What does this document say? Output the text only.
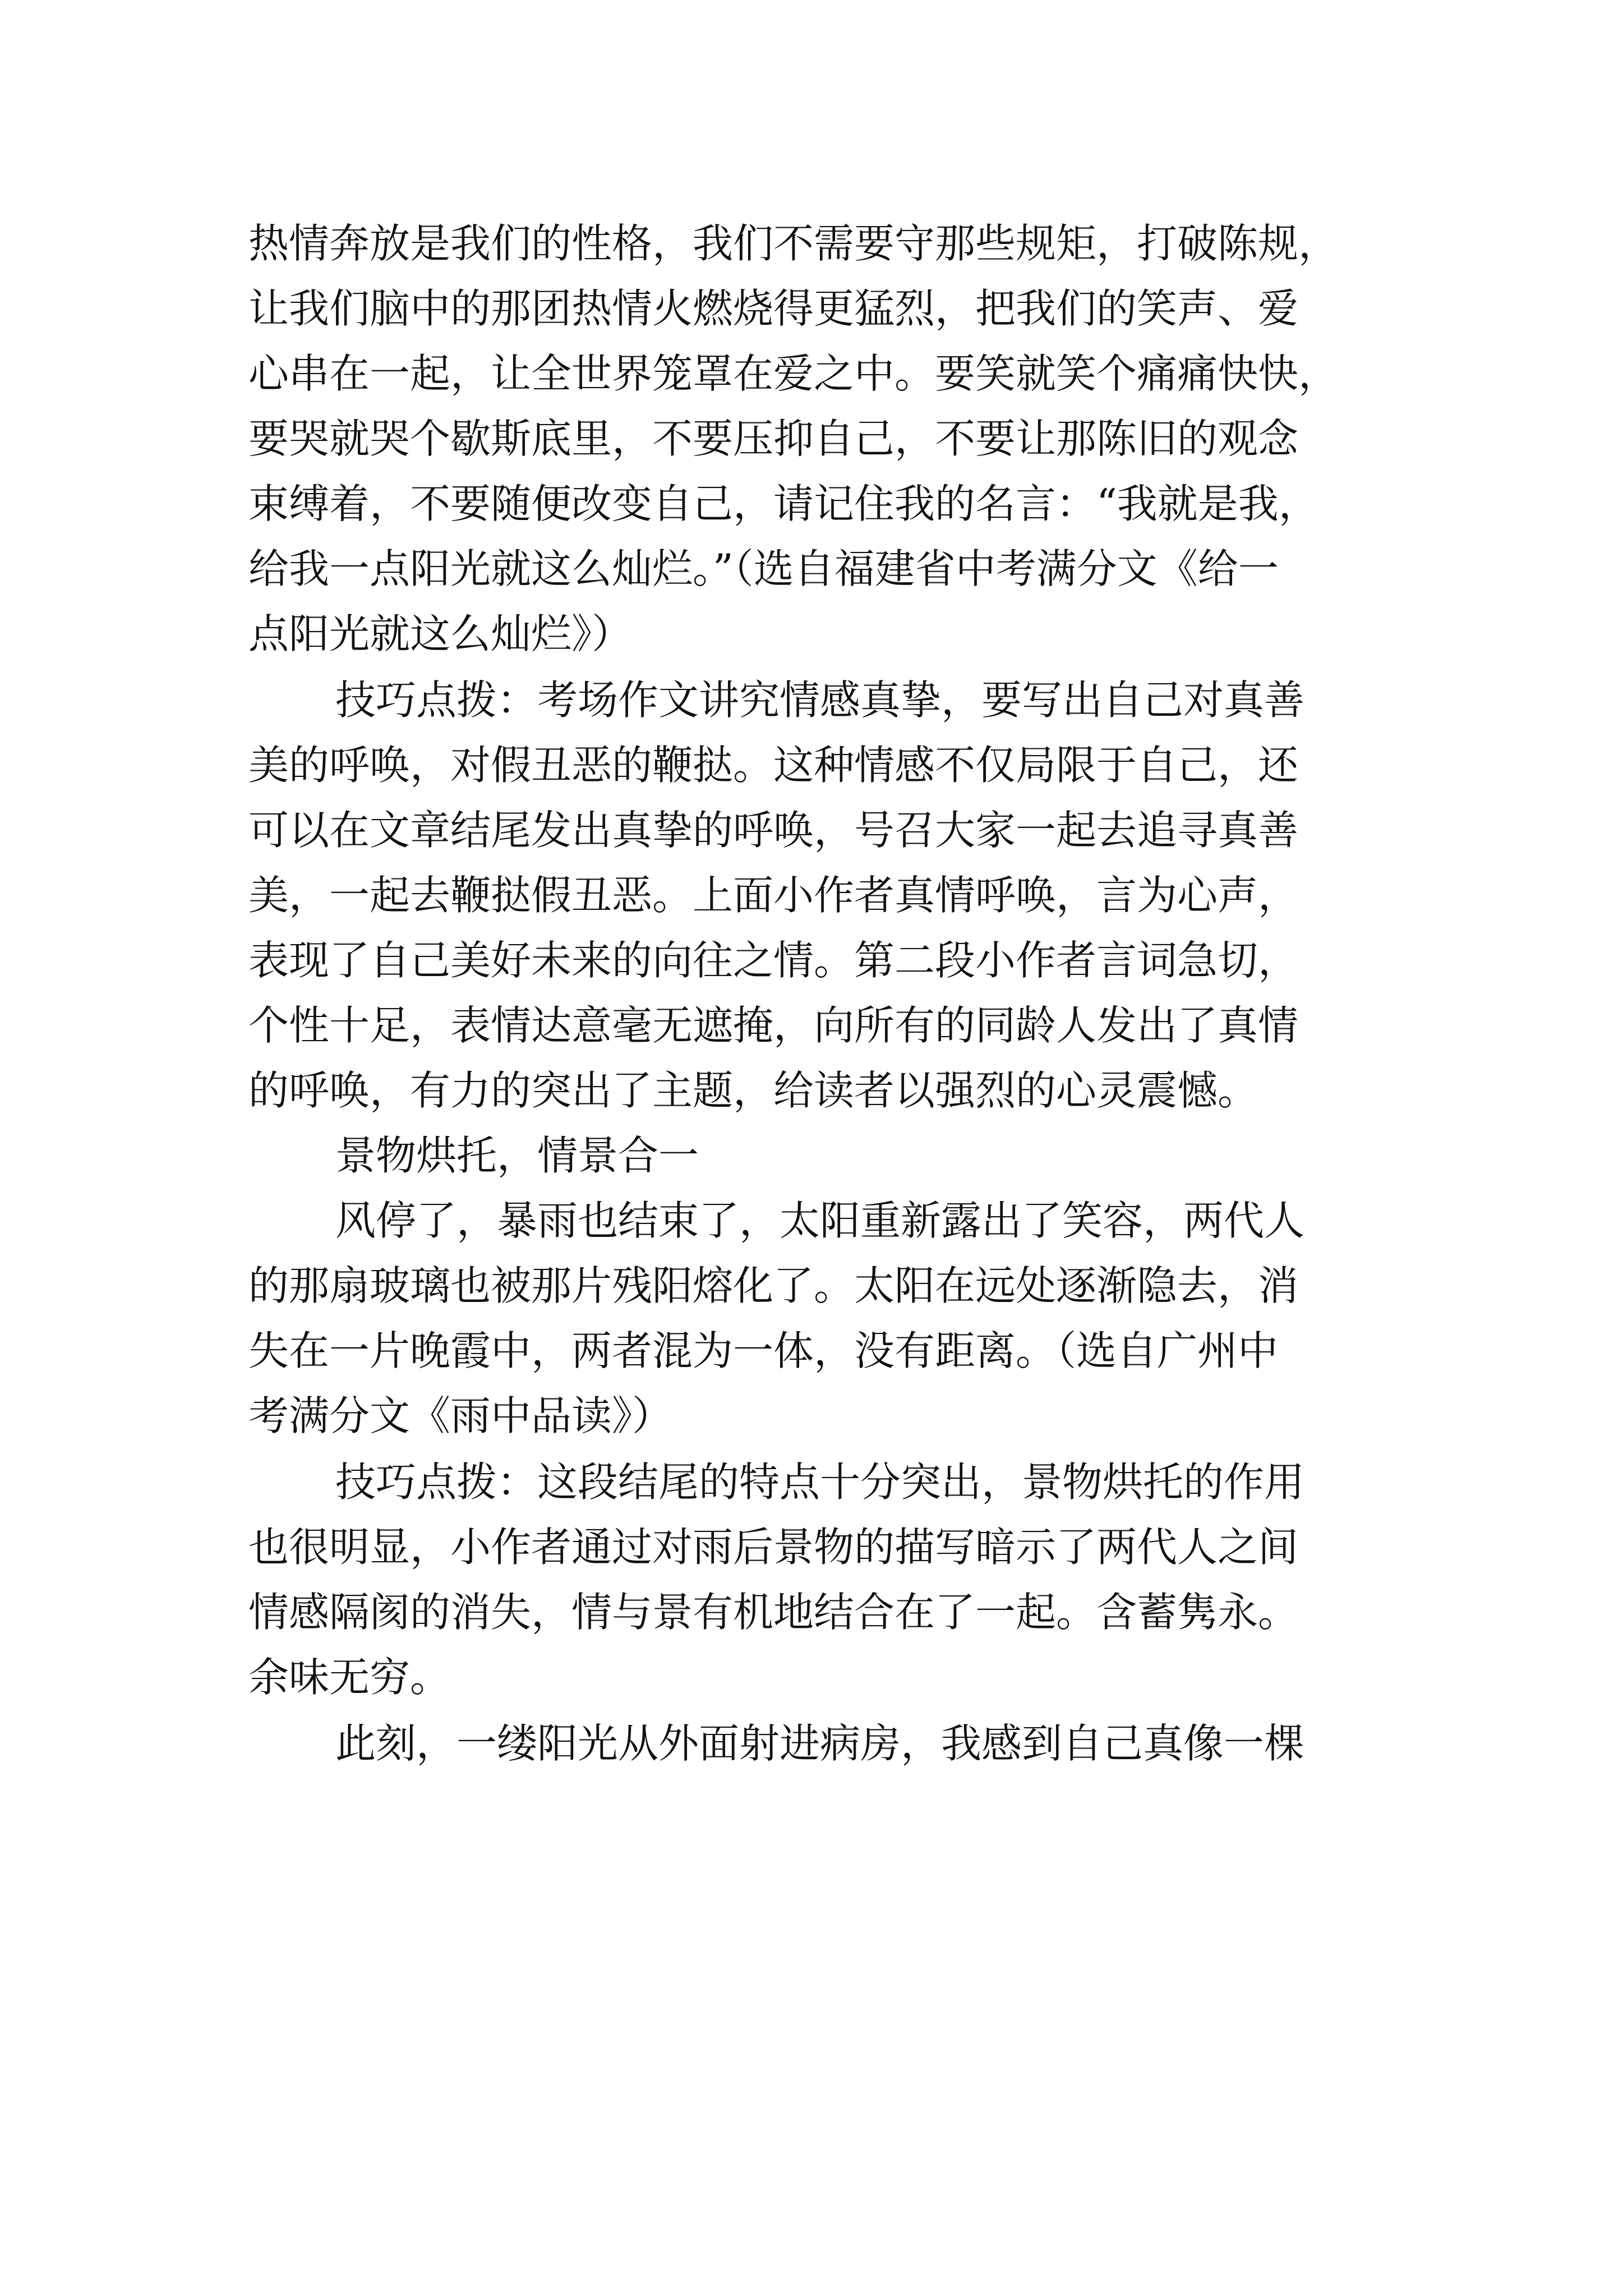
热情奔放是我们的性格，我们不需要守那些规矩，打破陈规，
让我们脑中的那团热情火燃烧得更猛烈，把我们的笑声、爱
心串在一起，让全世界笼罩在爱之中。要笑就笑个痛痛快快，
要哭就哭个歇斯底里，不要压抑自己，不要让那陈旧的观念
束缚着，不要随便改变自己，请记住我的名言：“我就是我，
给我一点阳光就这么灿烂。”（选自福建省中考满分文《给一
点阳光就这么灿烂》）
技巧点拨：考场作文讲究情感真挚，要写出自己对真善
美的呼唤，对假丑恶的鞭挞。这种情感不仅局限于自己，还
可以在文章结尾发出真挚的呼唤，号召大家一起去追寻真善
美，一起去鞭挞假丑恶。上面小作者真情呼唤，言为心声，
表现了自己美好未来的向往之情。第二段小作者言词急切，
个性十足，表情达意毫无遮掩，向所有的同龄人发出了真情
的呼唤，有力的突出了主题，给读者以强烈的心灵震憾。
景物烘托，情景合一
风停了，暴雨也结束了，太阳重新露出了笑容，两代人
的那扇玻璃也被那片残阳熔化了。太阳在远处逐渐隐去，消
失在一片晚霞中，两者混为一体，没有距离。（选自广州中
考满分文《雨中品读》）
技巧点拨：这段结尾的特点十分突出，景物烘托的作用
也很明显，小作者通过对雨后景物的描写暗示了两代人之间
情感隔阂的消失，情与景有机地结合在了一起。含蓄隽永。
余味无穷。
此刻，一缕阳光从外面射进病房，我感到自己真像一棵
